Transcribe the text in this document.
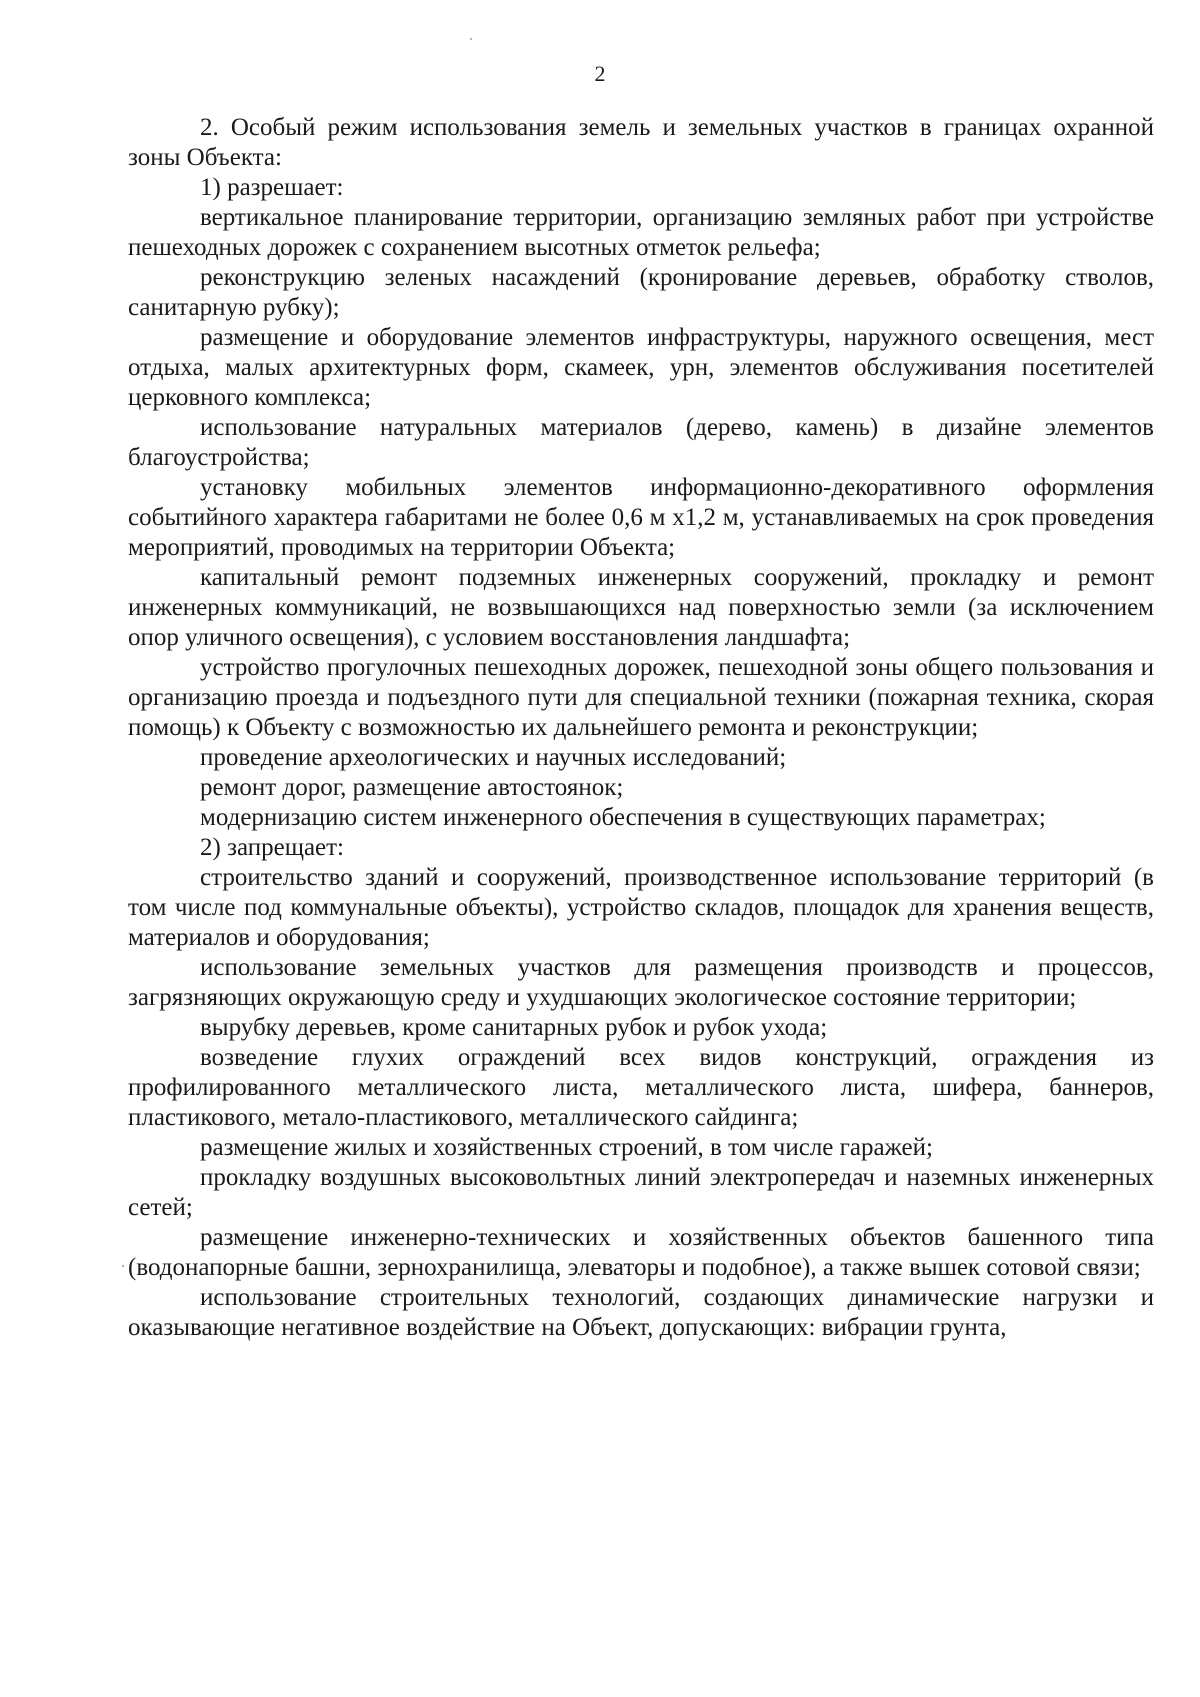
2

2. Особый режим использования земель и земельных участков в границах охранной зоны Объекта:

1) разрешает:

вертикальное планирование территории, организацию земляных работ при устройстве пешеходных дорожек с сохранением высотных отметок рельефа;

реконструкцию зеленых насаждений (кронирование деревьев, обработку стволов, санитарную рубку);

размещение и оборудование элементов инфраструктуры, наружного освещения, мест отдыха, малых архитектурных форм, скамеек, урн, элементов обслуживания посетителей церковного комплекса;

использование натуральных материалов (дерево, камень) в дизайне элементов благоустройства;

установку мобильных элементов информационно-декоративного оформления событийного характера габаритами не более 0,6 м х1,2 м, устанавливаемых на срок проведения мероприятий, проводимых на территории Объекта;

капитальный ремонт подземных инженерных сооружений, прокладку и ремонт инженерных коммуникаций, не возвышающихся над поверхностью земли (за исключением опор уличного освещения), с условием восстановления ландшафта;

устройство прогулочных пешеходных дорожек, пешеходной зоны общего пользования и организацию проезда и подъездного пути для специальной техники (пожарная техника, скорая помощь) к Объекту с возможностью их дальнейшего ремонта и реконструкции;

проведение археологических и научных исследований;

ремонт дорог, размещение автостоянок;

модернизацию систем инженерного обеспечения в существующих параметрах;

2) запрещает:

строительство зданий и сооружений, производственное использование территорий (в том числе под коммунальные объекты), устройство складов, площадок для хранения веществ, материалов и оборудования;

использование земельных участков для размещения производств и процессов, загрязняющих окружающую среду и ухудшающих экологическое состояние территории;

вырубку деревьев, кроме санитарных рубок и рубок ухода;

возведение глухих ограждений всех видов конструкций, ограждения из профилированного металлического листа, металлического листа, шифера, баннеров, пластикового, метало-пластикового, металлического сайдинга;

размещение жилых и хозяйственных строений, в том числе гаражей;

прокладку воздушных высоковольтных линий электропередач и наземных инженерных сетей;

размещение инженерно-технических и хозяйственных объектов башенного типа (водонапорные башни, зернохранилища, элеваторы и подобное), а также вышек сотовой связи;

использование строительных технологий, создающих динамические нагрузки и оказывающие негативное воздействие на Объект, допускающих: вибрации грунта,
